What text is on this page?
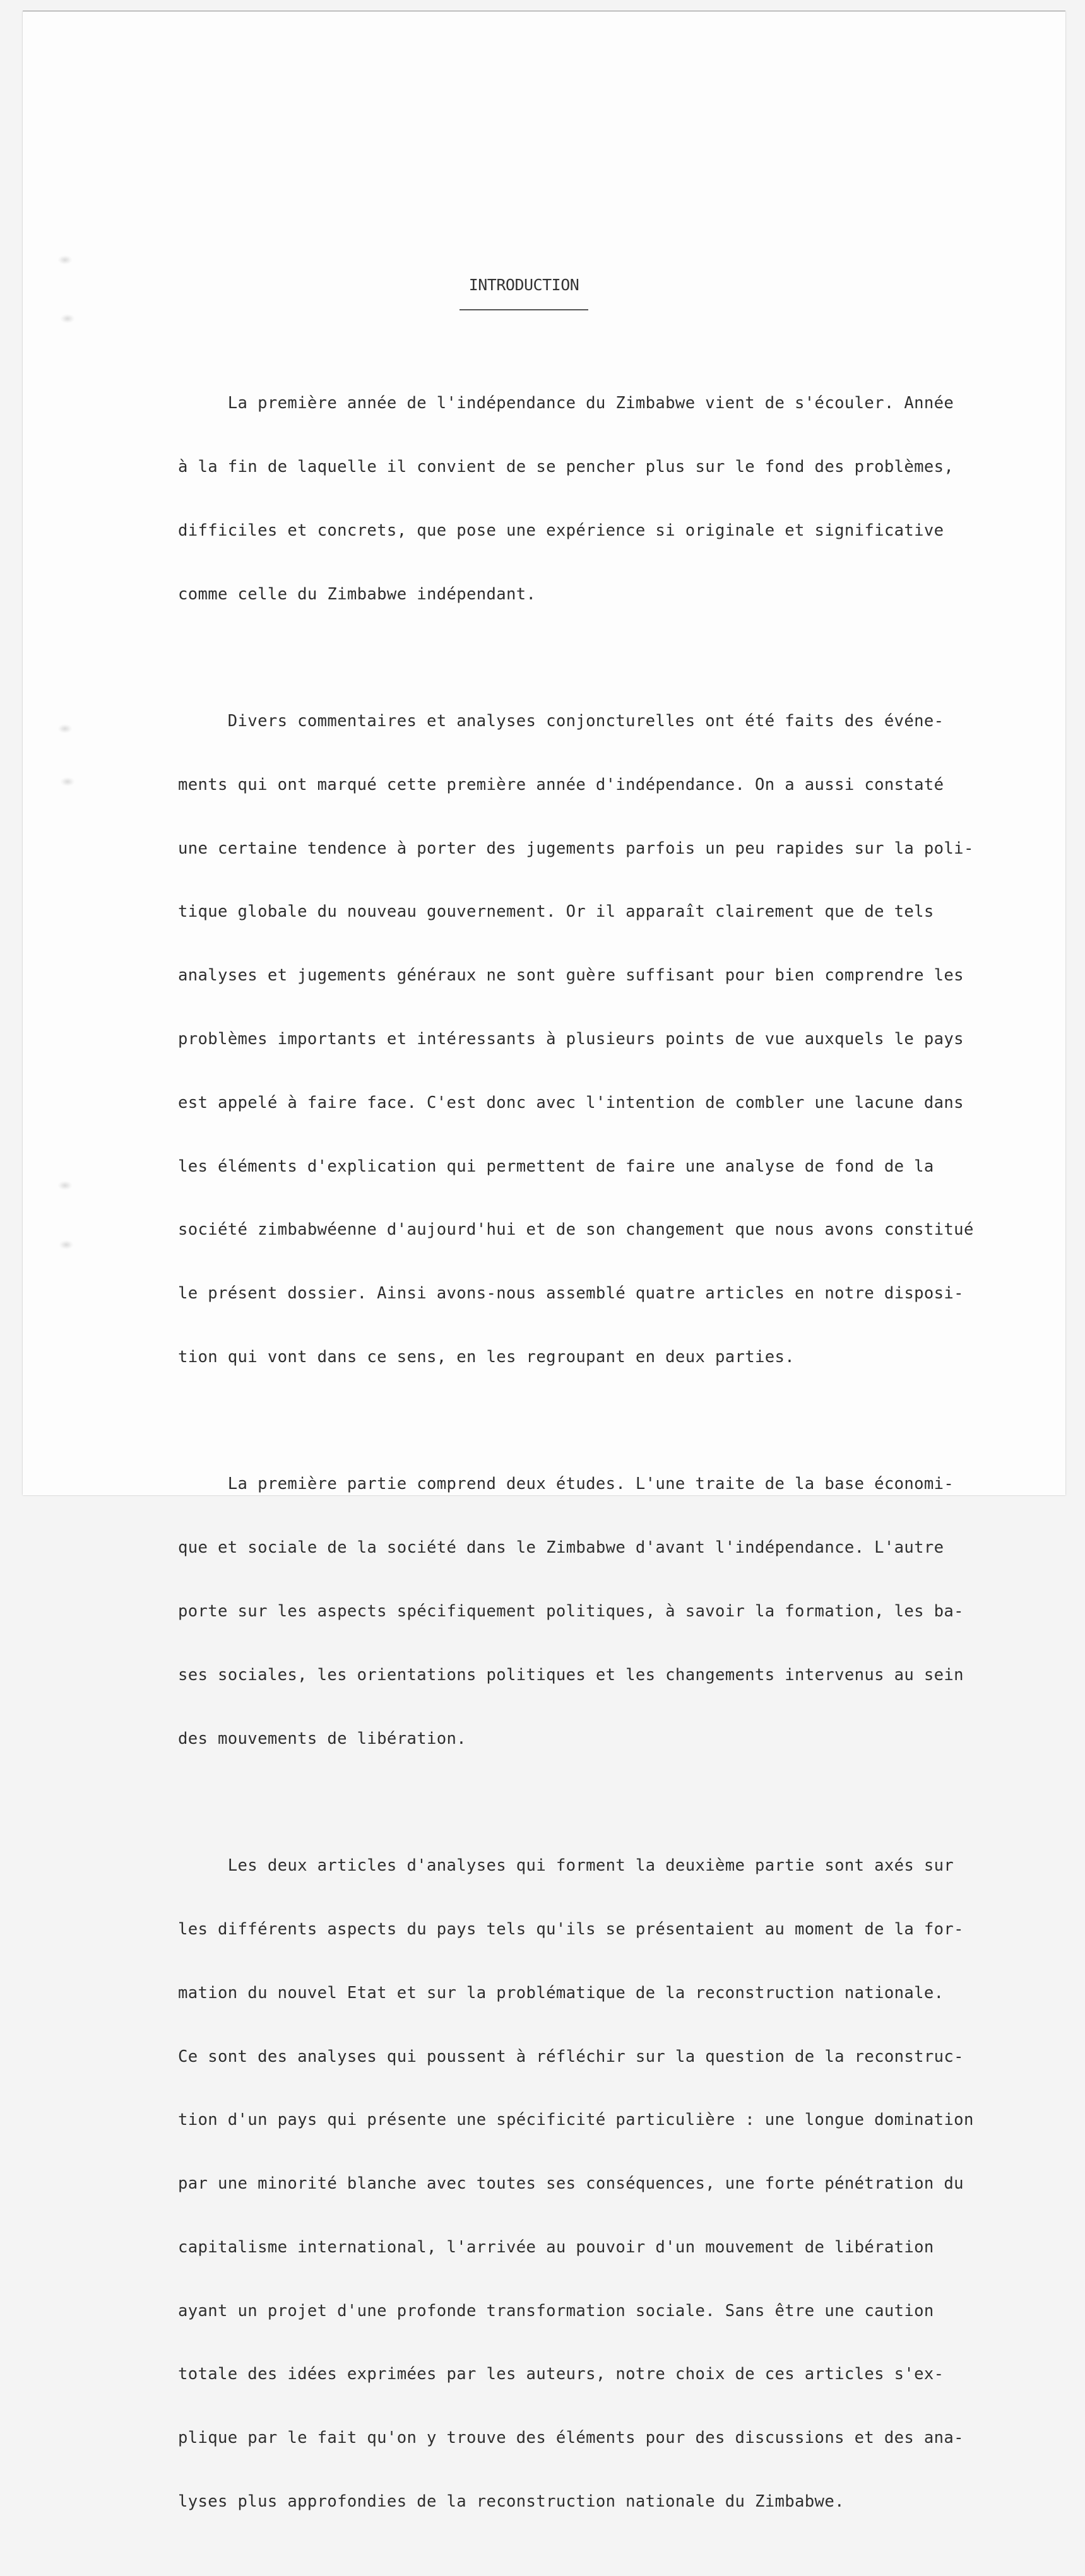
INTRODUCTION

La première année de l'indépendance du Zimbabwe vient de s'écouler. Année

à la fin de laquelle il convient de se pencher plus sur le fond des problèmes,

difficiles et concrets, que pose une expérience si originale et significative

comme celle du Zimbabwe indépendant.

Divers commentaires et analyses conjoncturelles ont été faits des événe-

ments qui ont marqué cette première année d'indépendance. On a aussi constaté

une certaine tendence à porter des jugements parfois un peu rapides sur la poli-

tique globale du nouveau gouvernement. Or il apparaît clairement que de tels

analyses et jugements généraux ne sont guère suffisant pour bien comprendre les

problèmes importants et intéressants à plusieurs points de vue auxquels le pays

est appelé à faire face. C'est donc avec l'intention de combler une lacune dans

les éléments d'explication qui permettent de faire une analyse de fond de la

société zimbabwéenne d'aujourd'hui et de son changement que nous avons constitué

le présent dossier. Ainsi avons-nous assemblé quatre articles en notre disposi-

tion qui vont dans ce sens, en les regroupant en deux parties.

La première partie comprend deux études. L'une traite de la base économi-

que et sociale de la société dans le Zimbabwe d'avant l'indépendance. L'autre

porte sur les aspects spécifiquement politiques, à savoir la formation, les ba-

ses sociales, les orientations politiques et les changements intervenus au sein

des mouvements de libération.

Les deux articles d'analyses qui forment la deuxième partie sont axés sur

les différents aspects du pays tels qu'ils se présentaient au moment de la for-

mation du nouvel Etat et sur la problématique de la reconstruction nationale.

Ce sont des analyses qui poussent à réfléchir sur la question de la reconstruc-

tion d'un pays qui présente une spécificité particulière : une longue domination

par une minorité blanche avec toutes ses conséquences, une forte pénétration du

capitalisme international, l'arrivée au pouvoir d'un mouvement de libération

ayant un projet d'une profonde transformation sociale. Sans être une caution

totale des idées exprimées par les auteurs, notre choix de ces articles s'ex-

plique par le fait qu'on y trouve des éléments pour des discussions et des ana-

lyses plus approfondies de la reconstruction nationale du Zimbabwe.
